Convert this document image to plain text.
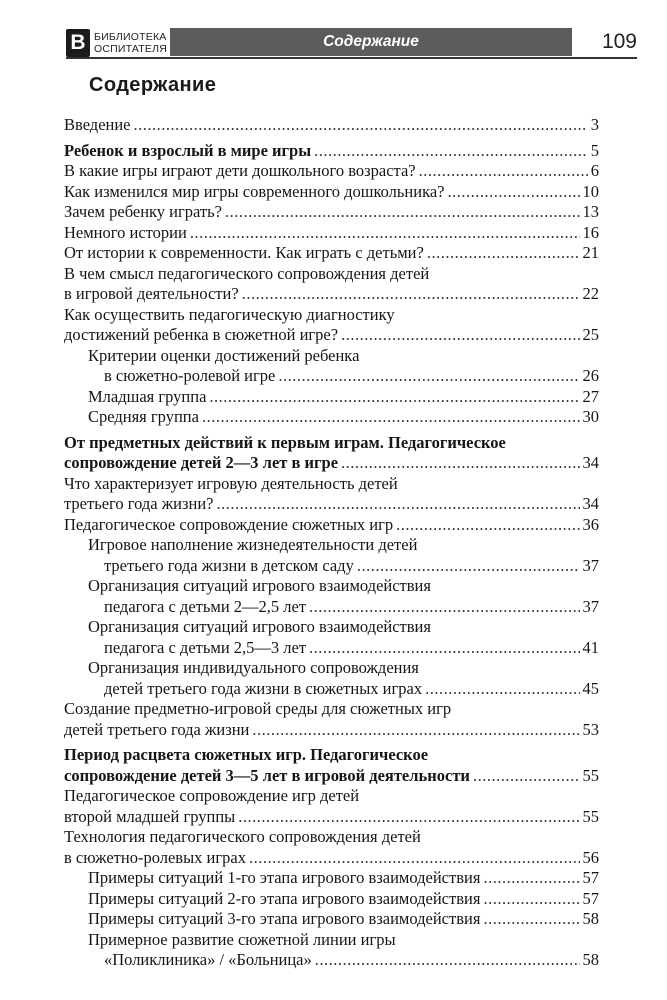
B БИБЛИОТЕКА
ОСПИТАТЕЛЯ	Содержание	109
Содержание
Введение .....	3
Ребенок и взрослый в мире игры .....	5
В какие игры играют дети дошкольного возраста? .....	6
Как изменился мир игры современного дошкольника? .....	10
Зачем ребенку играть? .....	13
Немного истории .....	16
От истории к современности. Как играть с детьми? .....	21
В чем смысл педагогического сопровождения детей
в игровой деятельности? .....	22
Как осуществить педагогическую диагностику
достижений ребенка в сюжетной игре? .....	25
Критерии оценки достижений ребенка
в сюжетно-ролевой игре .....	26
Младшая группа .....	27
Средняя группа .....	30
От предметных действий к первым играм. Педагогическое
сопровождение детей 2—3 лет в игре .....	34
Что характеризует игровую деятельность детей
третьего года жизни? .....	34
Педагогическое сопровождение сюжетных игр .....	36
Игровое наполнение жизнедеятельности детей
третьего года жизни в детском саду .....	37
Организация ситуаций игрового взаимодействия
педагога с детьми 2—2,5 лет .....	37
Организация ситуаций игрового взаимодействия
педагога с детьми 2,5—3 лет .....	41
Организация индивидуального сопровождения
детей третьего года жизни в сюжетных играх .....	45
Создание предметно-игровой среды для сюжетных игр
детей третьего года жизни .....	53
Период расцвета сюжетных игр. Педагогическое
сопровождение детей 3—5 лет в игровой деятельности .....	55
Педагогическое сопровождение игр детей
второй младшей группы .....	55
Технология педагогического сопровождения детей
в сюжетно-ролевых играх .....	56
Примеры ситуаций 1-го этапа игрового взаимодействия .....	57
Примеры ситуаций 2-го этапа игрового взаимодействия .....	57
Примеры ситуаций 3-го этапа игрового взаимодействия .....	58
Примерное развитие сюжетной линии игры
«Поликлиника» / «Больница» .....	58
